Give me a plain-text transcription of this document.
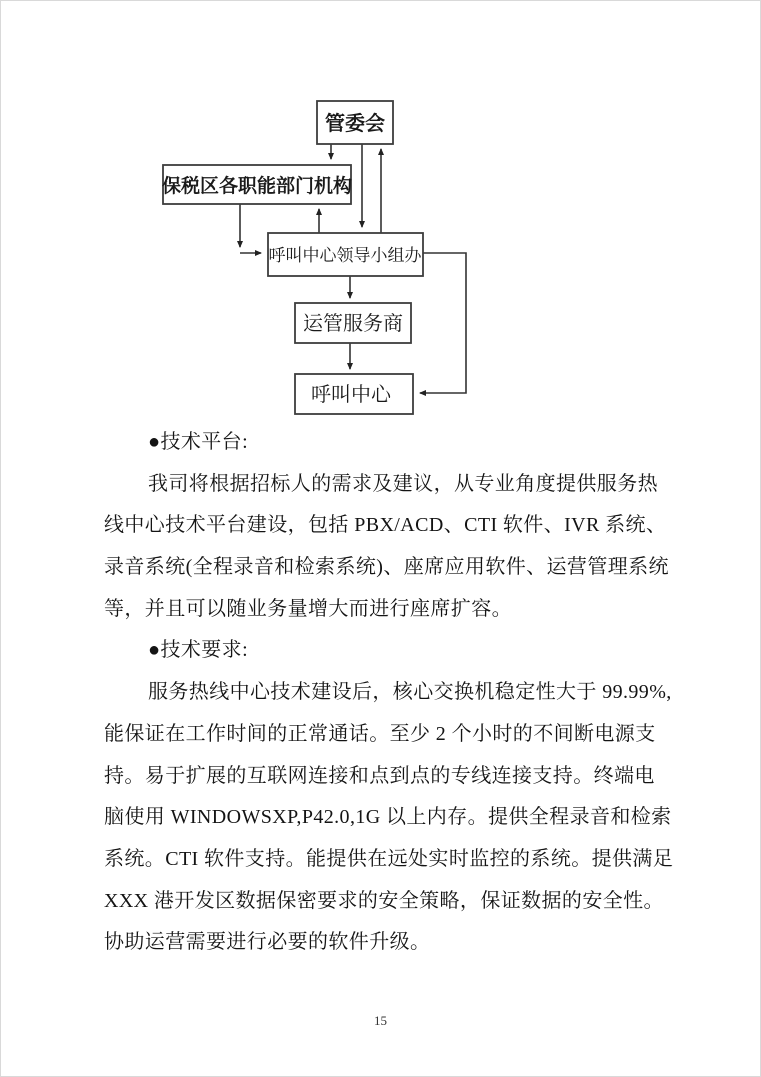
管委会
保税区各职能部门机构
呼叫中心领导小组办
运管服务商
呼叫中心
●技术平台:
我司将根据招标人的需求及建议，从专业角度提供服务热
线中心技术平台建设，包括 PBX/ACD、CTI 软件、IVR 系统、
录音系统(全程录音和检索系统)、座席应用软件、运营管理系统
等，并且可以随业务量增大而进行座席扩容。
●技术要求:
服务热线中心技术建设后，核心交换机稳定性大于 99.99%,
能保证在工作时间的正常通话。至少 2 个小时的不间断电源支
持。易于扩展的互联网连接和点到点的专线连接支持。终端电
脑使用 WINDOWSXP,P42.0,1G 以上内存。提供全程录音和检索
系统。CTI 软件支持。能提供在远处实时监控的系统。提供满足
XXX 港开发区数据保密要求的安全策略，保证数据的安全性。
协助运营需要进行必要的软件升级。
15
